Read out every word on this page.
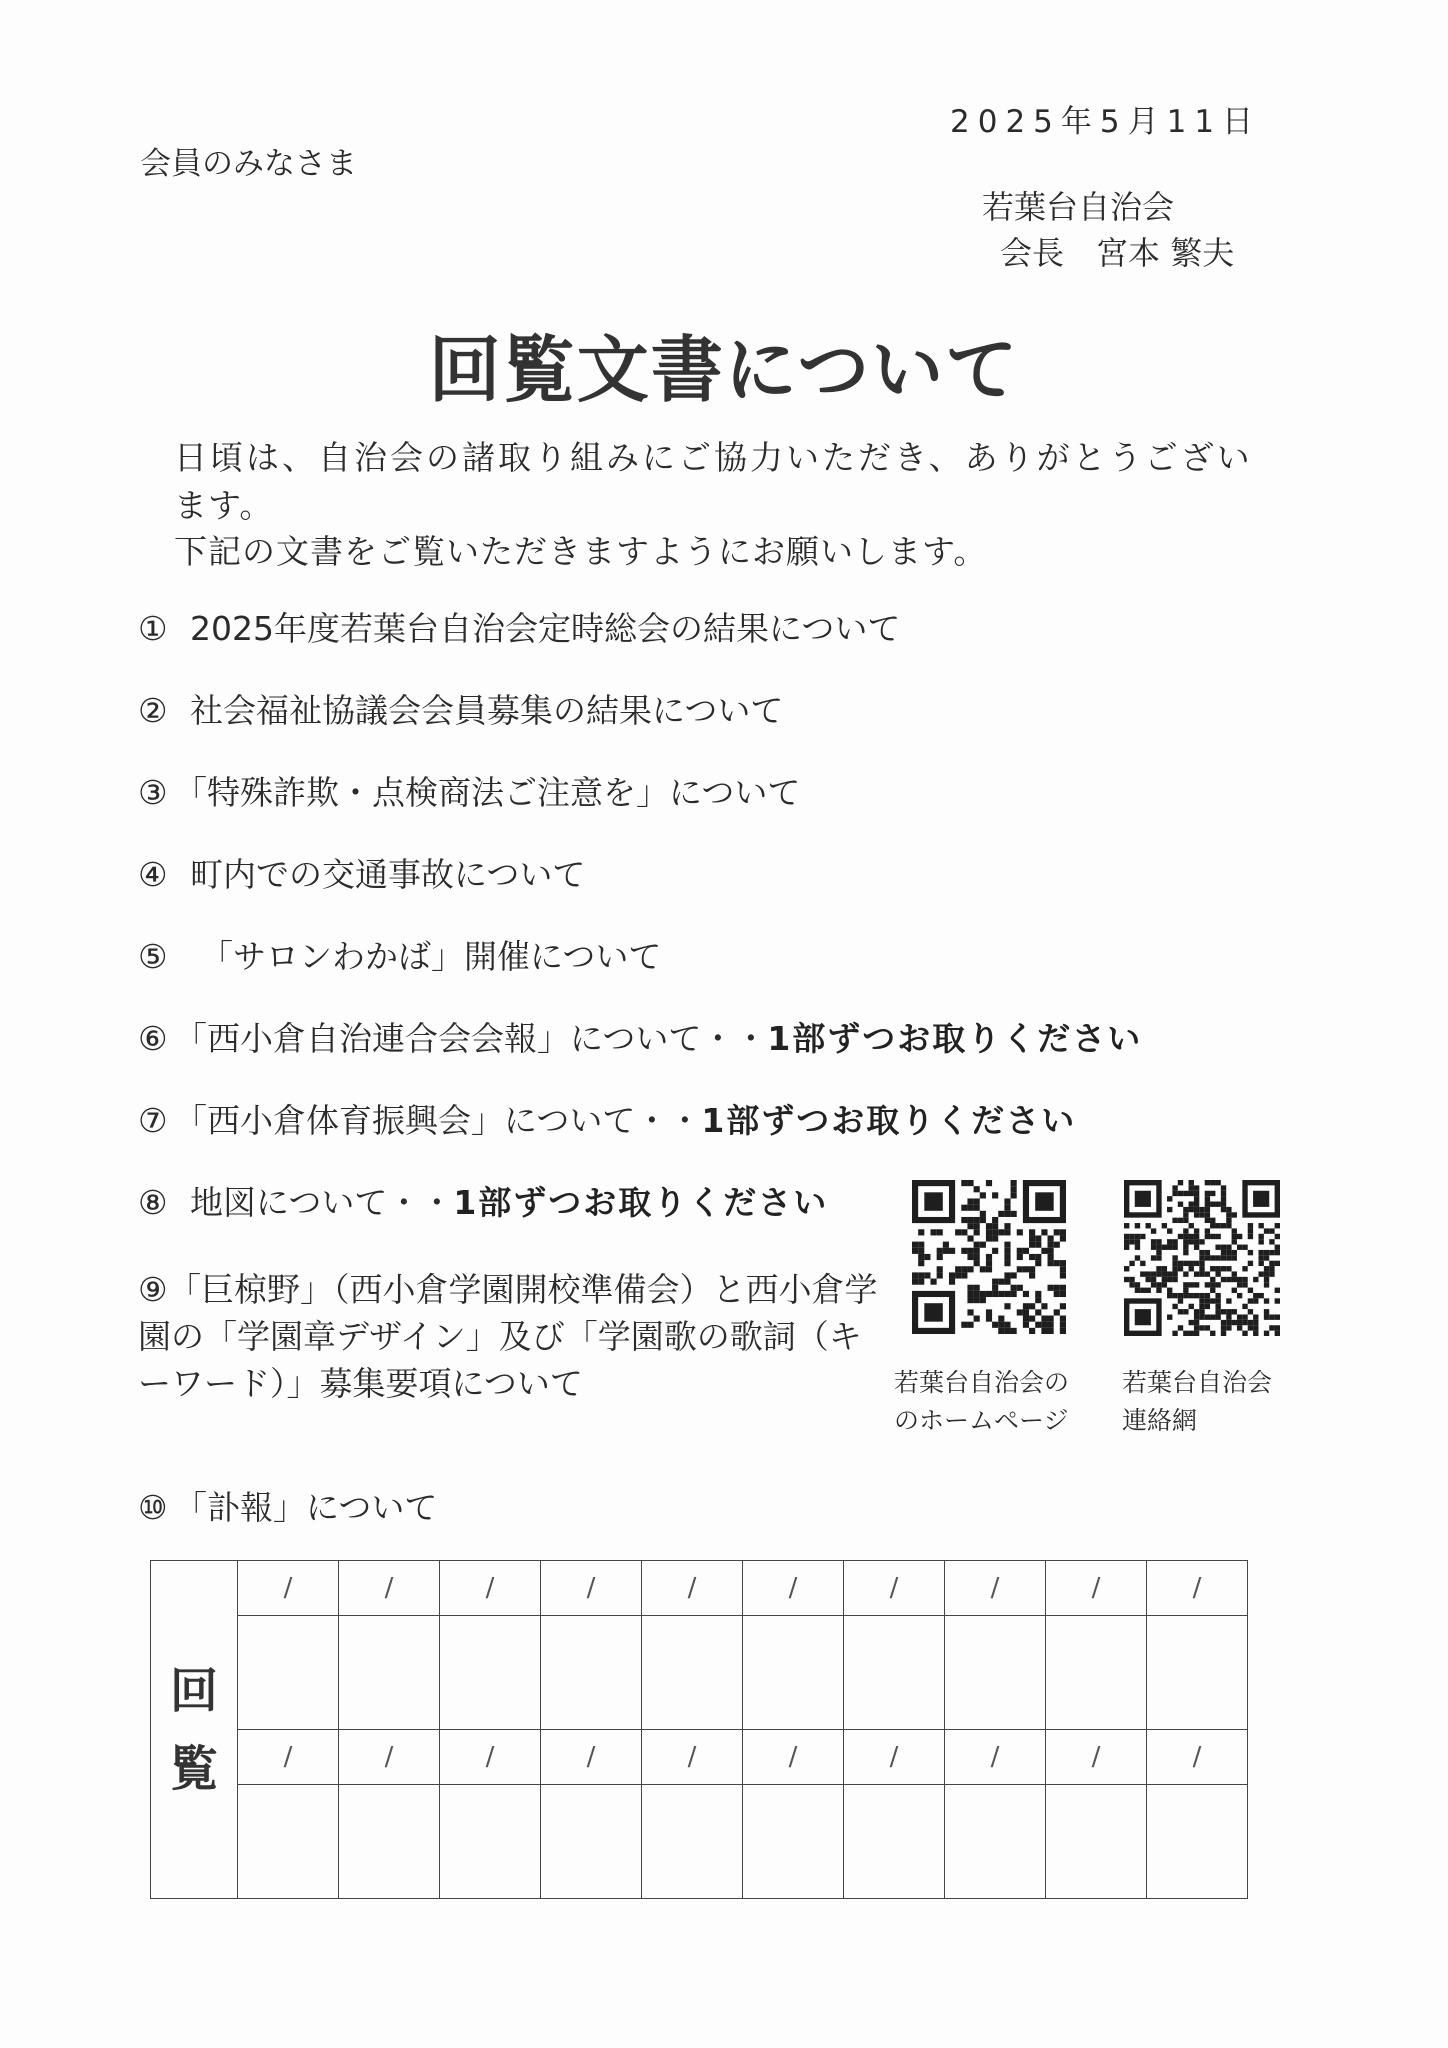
2025年5月11日
会員のみなさま
若葉台自治会
会長 宮本 繁夫
回覧文書について
日頃は、自治会の諸取り組みにご協力いただき、ありがとうござい
ます。
下記の文書をご覧いただきますようにお願いします。
① 2025年度若葉台自治会定時総会の結果について
② 社会福祉協議会会員募集の結果について
③ 「特殊詐欺・点検商法ご注意を」について
④ 町内での交通事故について
⑤ 「サロンわかば」開催について
⑥ 「西小倉自治連合会会報」について・・1部ずつお取りください
⑦ 「西小倉体育振興会」について・・1部ずつお取りください
⑧ 地図について・・1部ずつお取りください
⑨「巨椋野」（西小倉学園開校準備会）と西小倉学園の「学園章デザイン」及び「学園歌の歌詞（キーワード）」募集要項について
⑩ 「訃報」について
若葉台自治会の
のホームページ
若葉台自治会
連絡網
回
覧	/	/	/	/	/	/	/	/	/	/

	/	/	/	/	/	/	/	/	/	/
